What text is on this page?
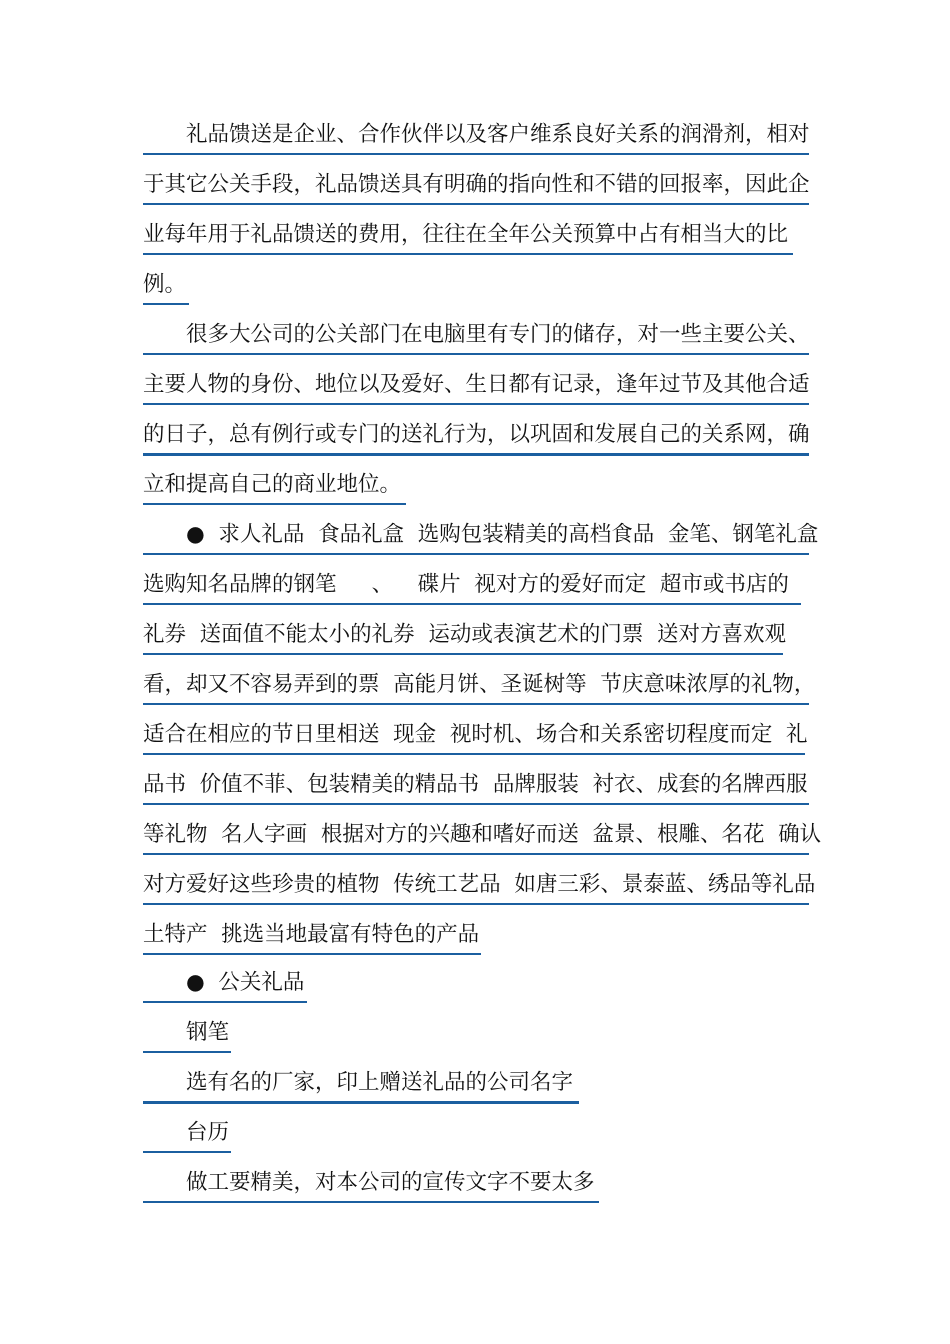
　　礼品馈送是企业、合作伙伴以及客户维系良好关系的润滑剂，相对
于其它公关手段，礼品馈送具有明确的指向性和不错的回报率，因此企
业每年用于礼品馈送的费用，往往在全年公关预算中占有相当大的比
例。
　　很多大公司的公关部门在电脑里有专门的储存，对一些主要公关、
主要人物的身份、地位以及爱好、生日都有记录，逢年过节及其他合适
的日子，总有例行或专门的送礼行为，以巩固和发展自己的关系网，确
立和提高自己的商业地位。
　　●  求人礼品  食品礼盒  选购包装精美的高档食品  金笔、钢笔礼盒
选购知名品牌的钢笔　  、　  碟片  视对方的爱好而定  超市或书店的
礼券  送面值不能太小的礼券  运动或表演艺术的门票  送对方喜欢观
看，却又不容易弄到的票  高能月饼、圣诞树等  节庆意味浓厚的礼物，
适合在相应的节日里相送  现金  视时机、场合和关系密切程度而定  礼
品书  价值不菲、包装精美的精品书  品牌服装  衬衣、成套的名牌西服
等礼物  名人字画  根据对方的兴趣和嗜好而送  盆景、根雕、名花  确认
对方爱好这些珍贵的植物  传统工艺品  如唐三彩、景泰蓝、绣品等礼品
土特产  挑选当地最富有特色的产品
　　●  公关礼品
　　钢笔
　　选有名的厂家，印上赠送礼品的公司名字
　　台历
　　做工要精美，对本公司的宣传文字不要太多
